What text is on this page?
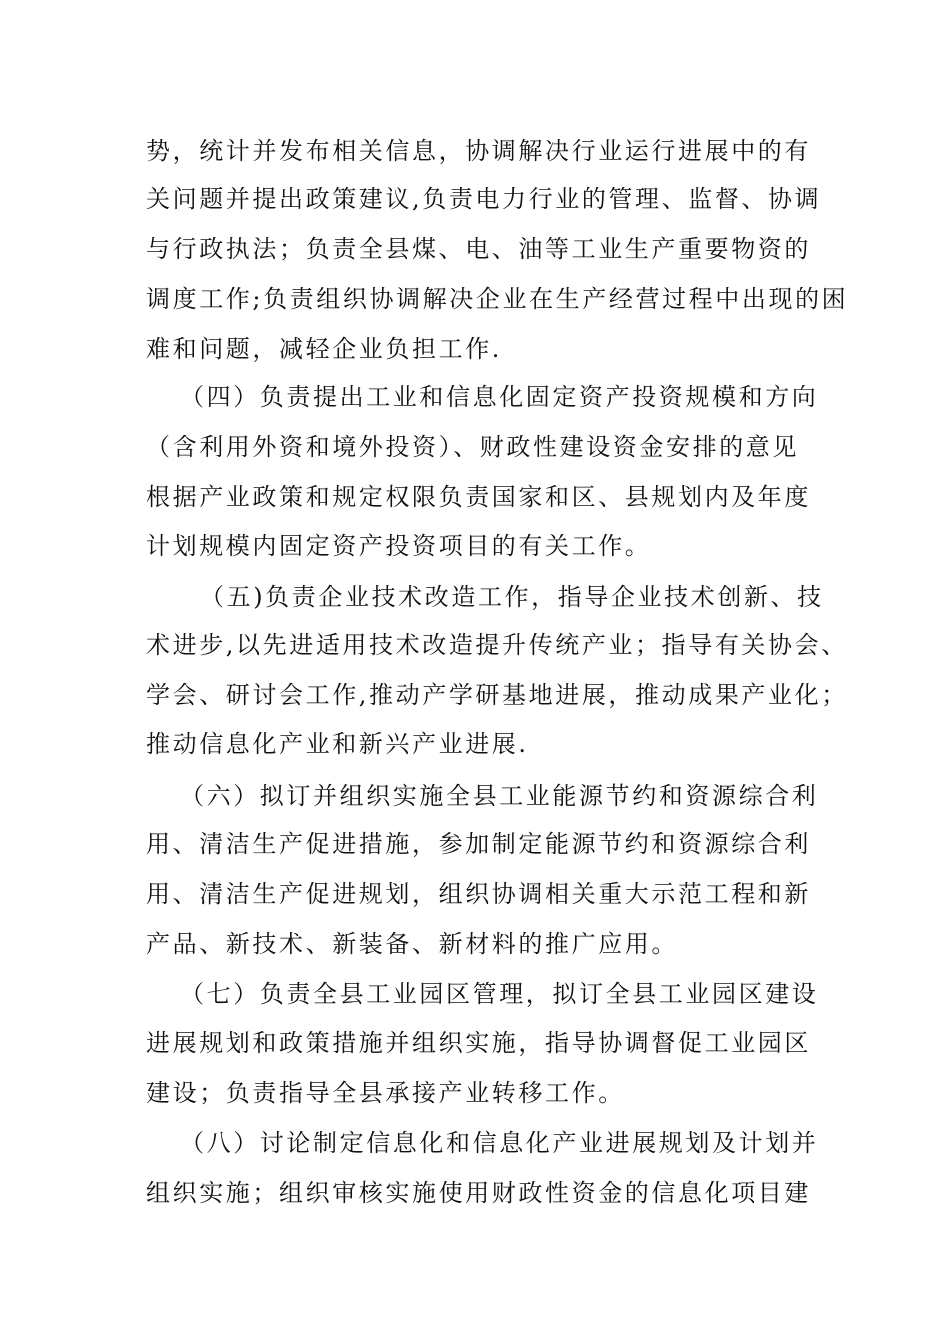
势，统计并发布相关信息，协调解决行业运行进展中的有
关问题并提出政策建议,负责电力行业的管理、监督、协调
与行政执法；负责全县煤、电、油等工业生产重要物资的
调度工作;负责组织协调解决企业在生产经营过程中出现的困
难和问题，减轻企业负担工作.
（四）负责提出工业和信息化固定资产投资规模和方向
（含利用外资和境外投资）、财政性建设资金安排的意见
根据产业政策和规定权限负责国家和区、县规划内及年度
计划规模内固定资产投资项目的有关工作。
（五)负责企业技术改造工作，指导企业技术创新、技
术进步,以先进适用技术改造提升传统产业；指导有关协会、
学会、研讨会工作,推动产学研基地进展，推动成果产业化；
推动信息化产业和新兴产业进展.
（六）拟订并组织实施全县工业能源节约和资源综合利
用、清洁生产促进措施，参加制定能源节约和资源综合利
用、清洁生产促进规划，组织协调相关重大示范工程和新
产品、新技术、新装备、新材料的推广应用。
（七）负责全县工业园区管理，拟订全县工业园区建设
进展规划和政策措施并组织实施，指导协调督促工业园区
建设；负责指导全县承接产业转移工作。
（八）讨论制定信息化和信息化产业进展规划及计划并
组织实施；组织审核实施使用财政性资金的信息化项目建
